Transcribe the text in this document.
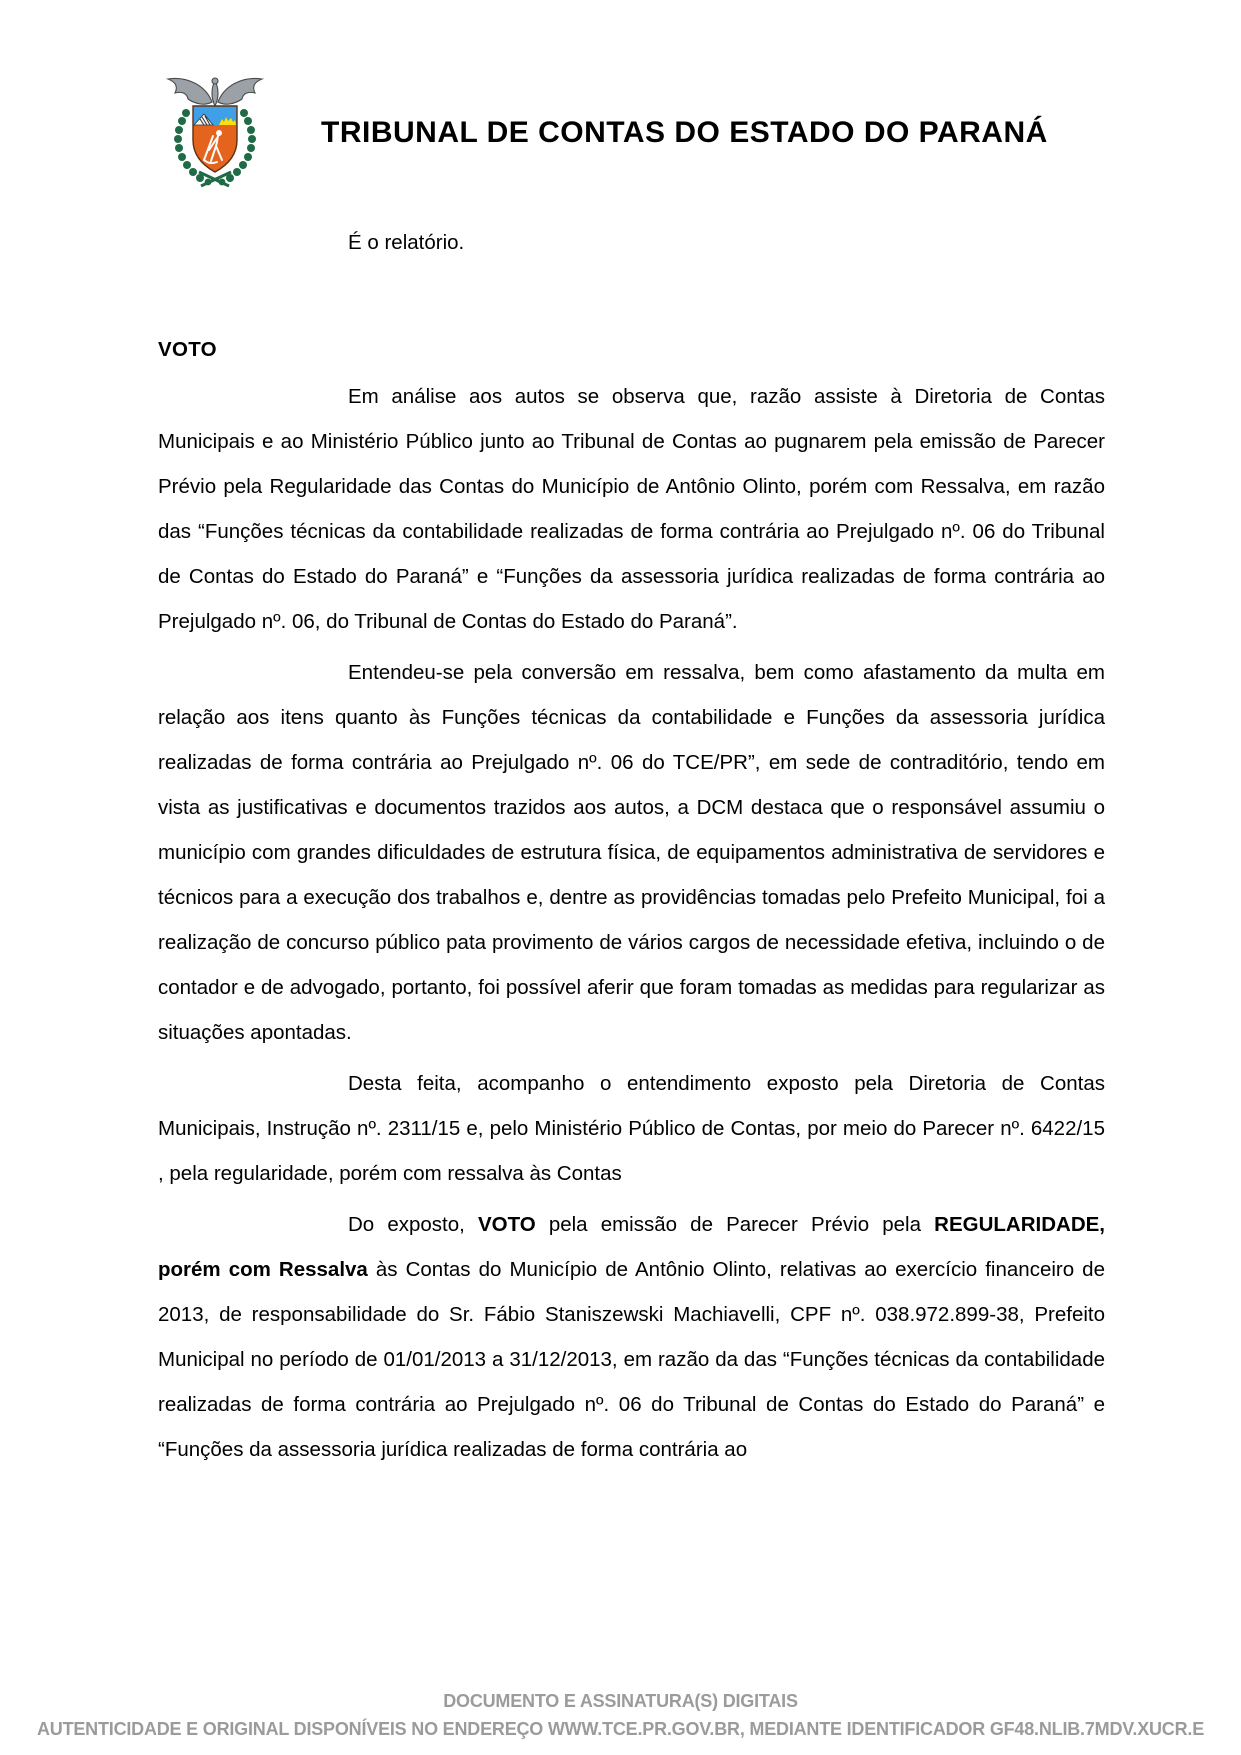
TRIBUNAL DE CONTAS DO ESTADO DO PARANÁ
É o relatório.
VOTO

Em análise aos autos se observa que, razão assiste à Diretoria de Contas Municipais e ao Ministério Público junto ao Tribunal de Contas ao pugnarem pela emissão de Parecer Prévio pela Regularidade das Contas do Município de Antônio Olinto, porém com Ressalva, em razão das “Funções técnicas da contabilidade realizadas de forma contrária ao Prejulgado nº. 06 do Tribunal de Contas do Estado do Paraná” e “Funções da assessoria jurídica realizadas de forma contrária ao Prejulgado nº. 06, do Tribunal de Contas do Estado do Paraná”.

Entendeu-se pela conversão em ressalva, bem como afastamento da multa em relação aos itens quanto às Funções técnicas da contabilidade e Funções da assessoria jurídica realizadas de forma contrária ao Prejulgado nº. 06 do TCE/PR”, em sede de contraditório, tendo em vista as justificativas e documentos trazidos aos autos, a DCM destaca que o responsável assumiu o município com grandes dificuldades de estrutura física, de equipamentos administrativa de servidores e técnicos para a execução dos trabalhos e, dentre as providências tomadas pelo Prefeito Municipal, foi a realização de concurso público pata provimento de vários cargos de necessidade efetiva, incluindo o de contador e de advogado, portanto, foi possível aferir que foram tomadas as medidas para regularizar as situações apontadas.

Desta feita, acompanho o entendimento exposto pela Diretoria de Contas Municipais, Instrução nº. 2311/15 e, pelo Ministério Público de Contas, por meio do Parecer nº. 6422/15 , pela regularidade, porém com ressalva às Contas

Do exposto, VOTO pela emissão de Parecer Prévio pela REGULARIDADE, porém com Ressalva às Contas do Município de Antônio Olinto, relativas ao exercício financeiro de 2013, de responsabilidade do Sr. Fábio Staniszewski Machiavelli, CPF nº. 038.972.899-38, Prefeito Municipal no período de 01/01/2013 a 31/12/2013, em razão da das “Funções técnicas da contabilidade realizadas de forma contrária ao Prejulgado nº. 06 do Tribunal de Contas do Estado do Paraná” e “Funções da assessoria jurídica realizadas de forma contrária ao

DOCUMENTO E ASSINATURA(S) DIGITAIS
AUTENTICIDADE E ORIGINAL DISPONÍVEIS NO ENDEREÇO WWW.TCE.PR.GOV.BR, MEDIANTE IDENTIFICADOR GF48.NLIB.7MDV.XUCR.E
